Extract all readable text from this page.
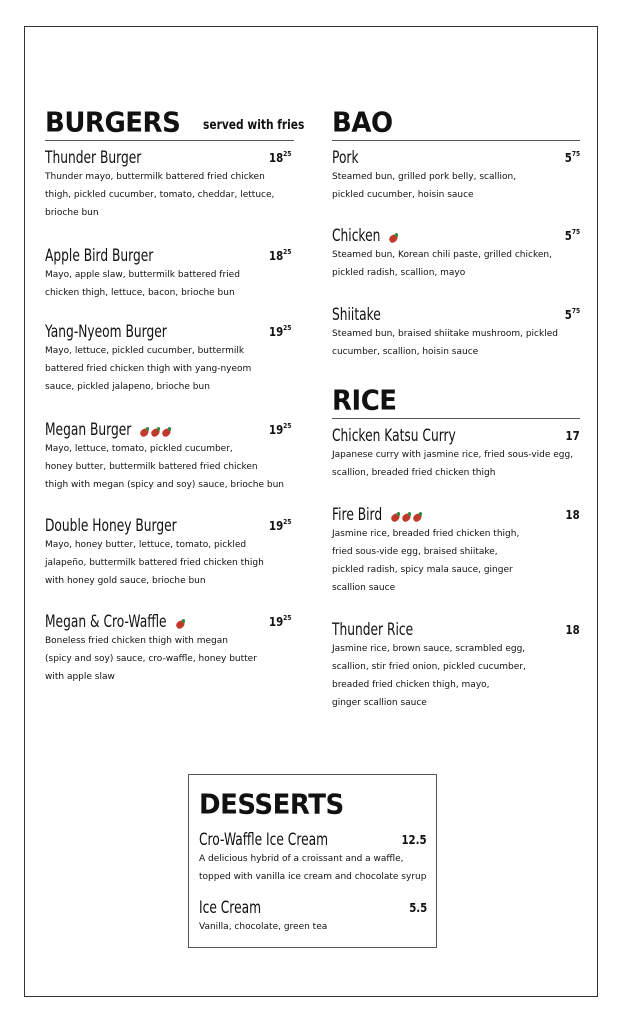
BURGERS served with fries
Thunder Burger	$18^{25}$
Thunder mayo, buttermilk battered fried chicken
thigh, pickled cucumber, tomato, cheddar, lettuce,
brioche bun
Apple Bird Burger	$18^{25}$
Mayo, apple slaw, buttermilk battered fried
chicken thigh, lettuce, bacon, brioche bun
Yang-Nyeom Burger	$19^{25}$
Mayo, lettuce, pickled cucumber, buttermilk
battered fried chicken thigh with yang-nyeom
sauce, pickled jalapeno, brioche bun
Megan Burger	$19^{25}$
Mayo, lettuce, tomato, pickled cucumber,
honey butter, buttermilk battered fried chicken
thigh with megan (spicy and soy) sauce, brioche bun
Double Honey Burger	$19^{25}$
Mayo, honey butter, lettuce, tomato, pickled
jalapeño, buttermilk battered fried chicken thigh
with honey gold sauce, brioche bun
Megan & Cro-Waffle	$19^{25}$
Boneless fried chicken thigh with megan
(spicy and soy) sauce, cro-waffle, honey butter
with apple slaw
BAO
Pork	$5^{75}$
Steamed bun, grilled pork belly, scallion,
pickled cucumber, hoisin sauce
Chicken	$5^{75}$
Steamed bun, Korean chili paste, grilled chicken,
pickled radish, scallion, mayo
Shiitake	$5^{75}$
Steamed bun, braised shiitake mushroom, pickled
cucumber, scallion, hoisin sauce
RICE
Chicken Katsu Curry	17
Japanese curry with jasmine rice, fried sous-vide egg,
scallion, breaded fried chicken thigh
Fire Bird	18
Jasmine rice, breaded fried chicken thigh,
fried sous-vide egg, braised shiitake,
pickled radish, spicy mala sauce, ginger
scallion sauce
Thunder Rice	18
Jasmine rice, brown sauce, scrambled egg,
scallion, stir fried onion, pickled cucumber,
breaded fried chicken thigh, mayo,
ginger scallion sauce
DESSERTS
Cro-Waffle Ice Cream	12.5
A delicious hybrid of a croissant and a waffle,
topped with vanilla ice cream and chocolate syrup
Ice Cream	5.5
Vanilla, chocolate, green tea
